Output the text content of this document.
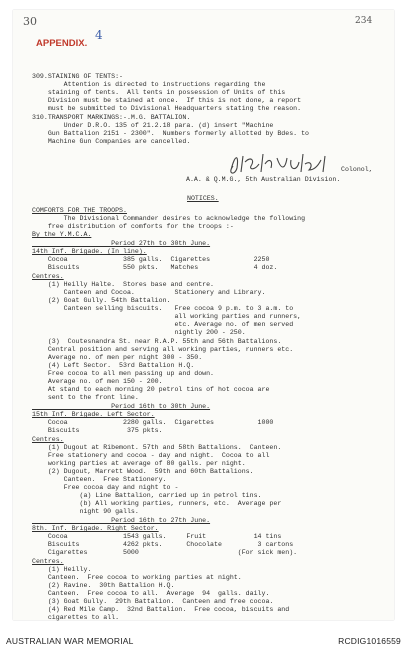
30	234
APPENDIX.
4
309.STAINING OF TENTS:-
Attention is directed to instructions regarding the
staining of tents.  All tents in possession of Units of this
Division must be stained at once.  If this is not done, a report
must be submitted to Divisional Headquarters stating the reason.
310.TRANSPORT MARKINGS:-.M.G. BATTALION.
Under D.R.O. 135 of 21.2.18 para. (d) insert "Machine
Gun Battalion 2151 - 2300".  Numbers formerly allotted by Bdes. to
Machine Gun Companies are cancelled.
Colonol,
A.A. & Q.M.G., 5th Australian Division.
NOTICES.
COMFORTS FOR THE TROOPS.
The Divisional Commander desires to acknowledge the following
free distribution of comforts for the troops :-
By the Y.M.C.A.
Period 27th to 30th June.
14th Inf. Brigade. (In line).
Cocoa              385 galls.  Cigarettes           2250
Biscuits           550 pkts.   Matches              4 doz.
Centres.
(1) Heilly Halte.  Stores base and centre.
Canteen and Cocoa.          Stationery and Library.
(2) Goat Gully. 54th Battalion.
Canteen selling biscuits.   Free cocoa 9 p.m. to 3 a.m. to
all working parties and runners,
etc. Average no. of men served
nightly 200 - 250.
(3)  Coutesnandra St. near R.A.P. 55th and 56th Battalions.
Central position and serving all working parties, runners etc.
Average no. of men per night 300 - 350.
(4) Left Sector.  53rd Battalion H.Q.
Free cocoa to all men passing up and down.
Average no. of men 150 - 200.
At stand to each morning 20 petrol tins of hot cocoa are
sent to the front line.
Period 16th to 30th June.
15th Inf. Brigade. Left Sector.
Cocoa              2280 galls.  Cigarettes           1000
Biscuits            375 pkts.
Centres.
(1) Dugout at Ribemont. 57th and 58th Battalions.  Canteen.
Free stationery and cocoa - day and night.  Cocoa to all
working parties at average of 80 galls. per night.
(2) Dugout, Marrett Wood.  59th and 60th Battalions.
Canteen.  Free Stationery.
Free cocoa day and night to -
(a) Line Battalion, carried up in petrol tins.
(b) All working parties, runners, etc.  Average per
night 90 galls.
Period 16th to 27th June.
8th. Inf. Brigade. Right Sector.
Cocoa              1543 galls.     Fruit            14 tins
Biscuits           4262 pkts.      Chocolate         3 cartons
Cigarettes         5000                         (For sick men).
Centres.
(1) Heilly.
Canteen.  Free cocoa to working parties at night.
(2) Ravine.  30th Battalion H.Q.
Canteen.  Free cocoa to all.  Average  94  galls. daily.
(3) Goat Gully.  29th Battalion.  Canteen and free cocoa.
(4) Red Mile Camp.  32nd Battalion.  Free cocoa, biscuits and
cigarettes to all.
AUSTRALIAN WAR MEMORIAL	RCDIG1016559
